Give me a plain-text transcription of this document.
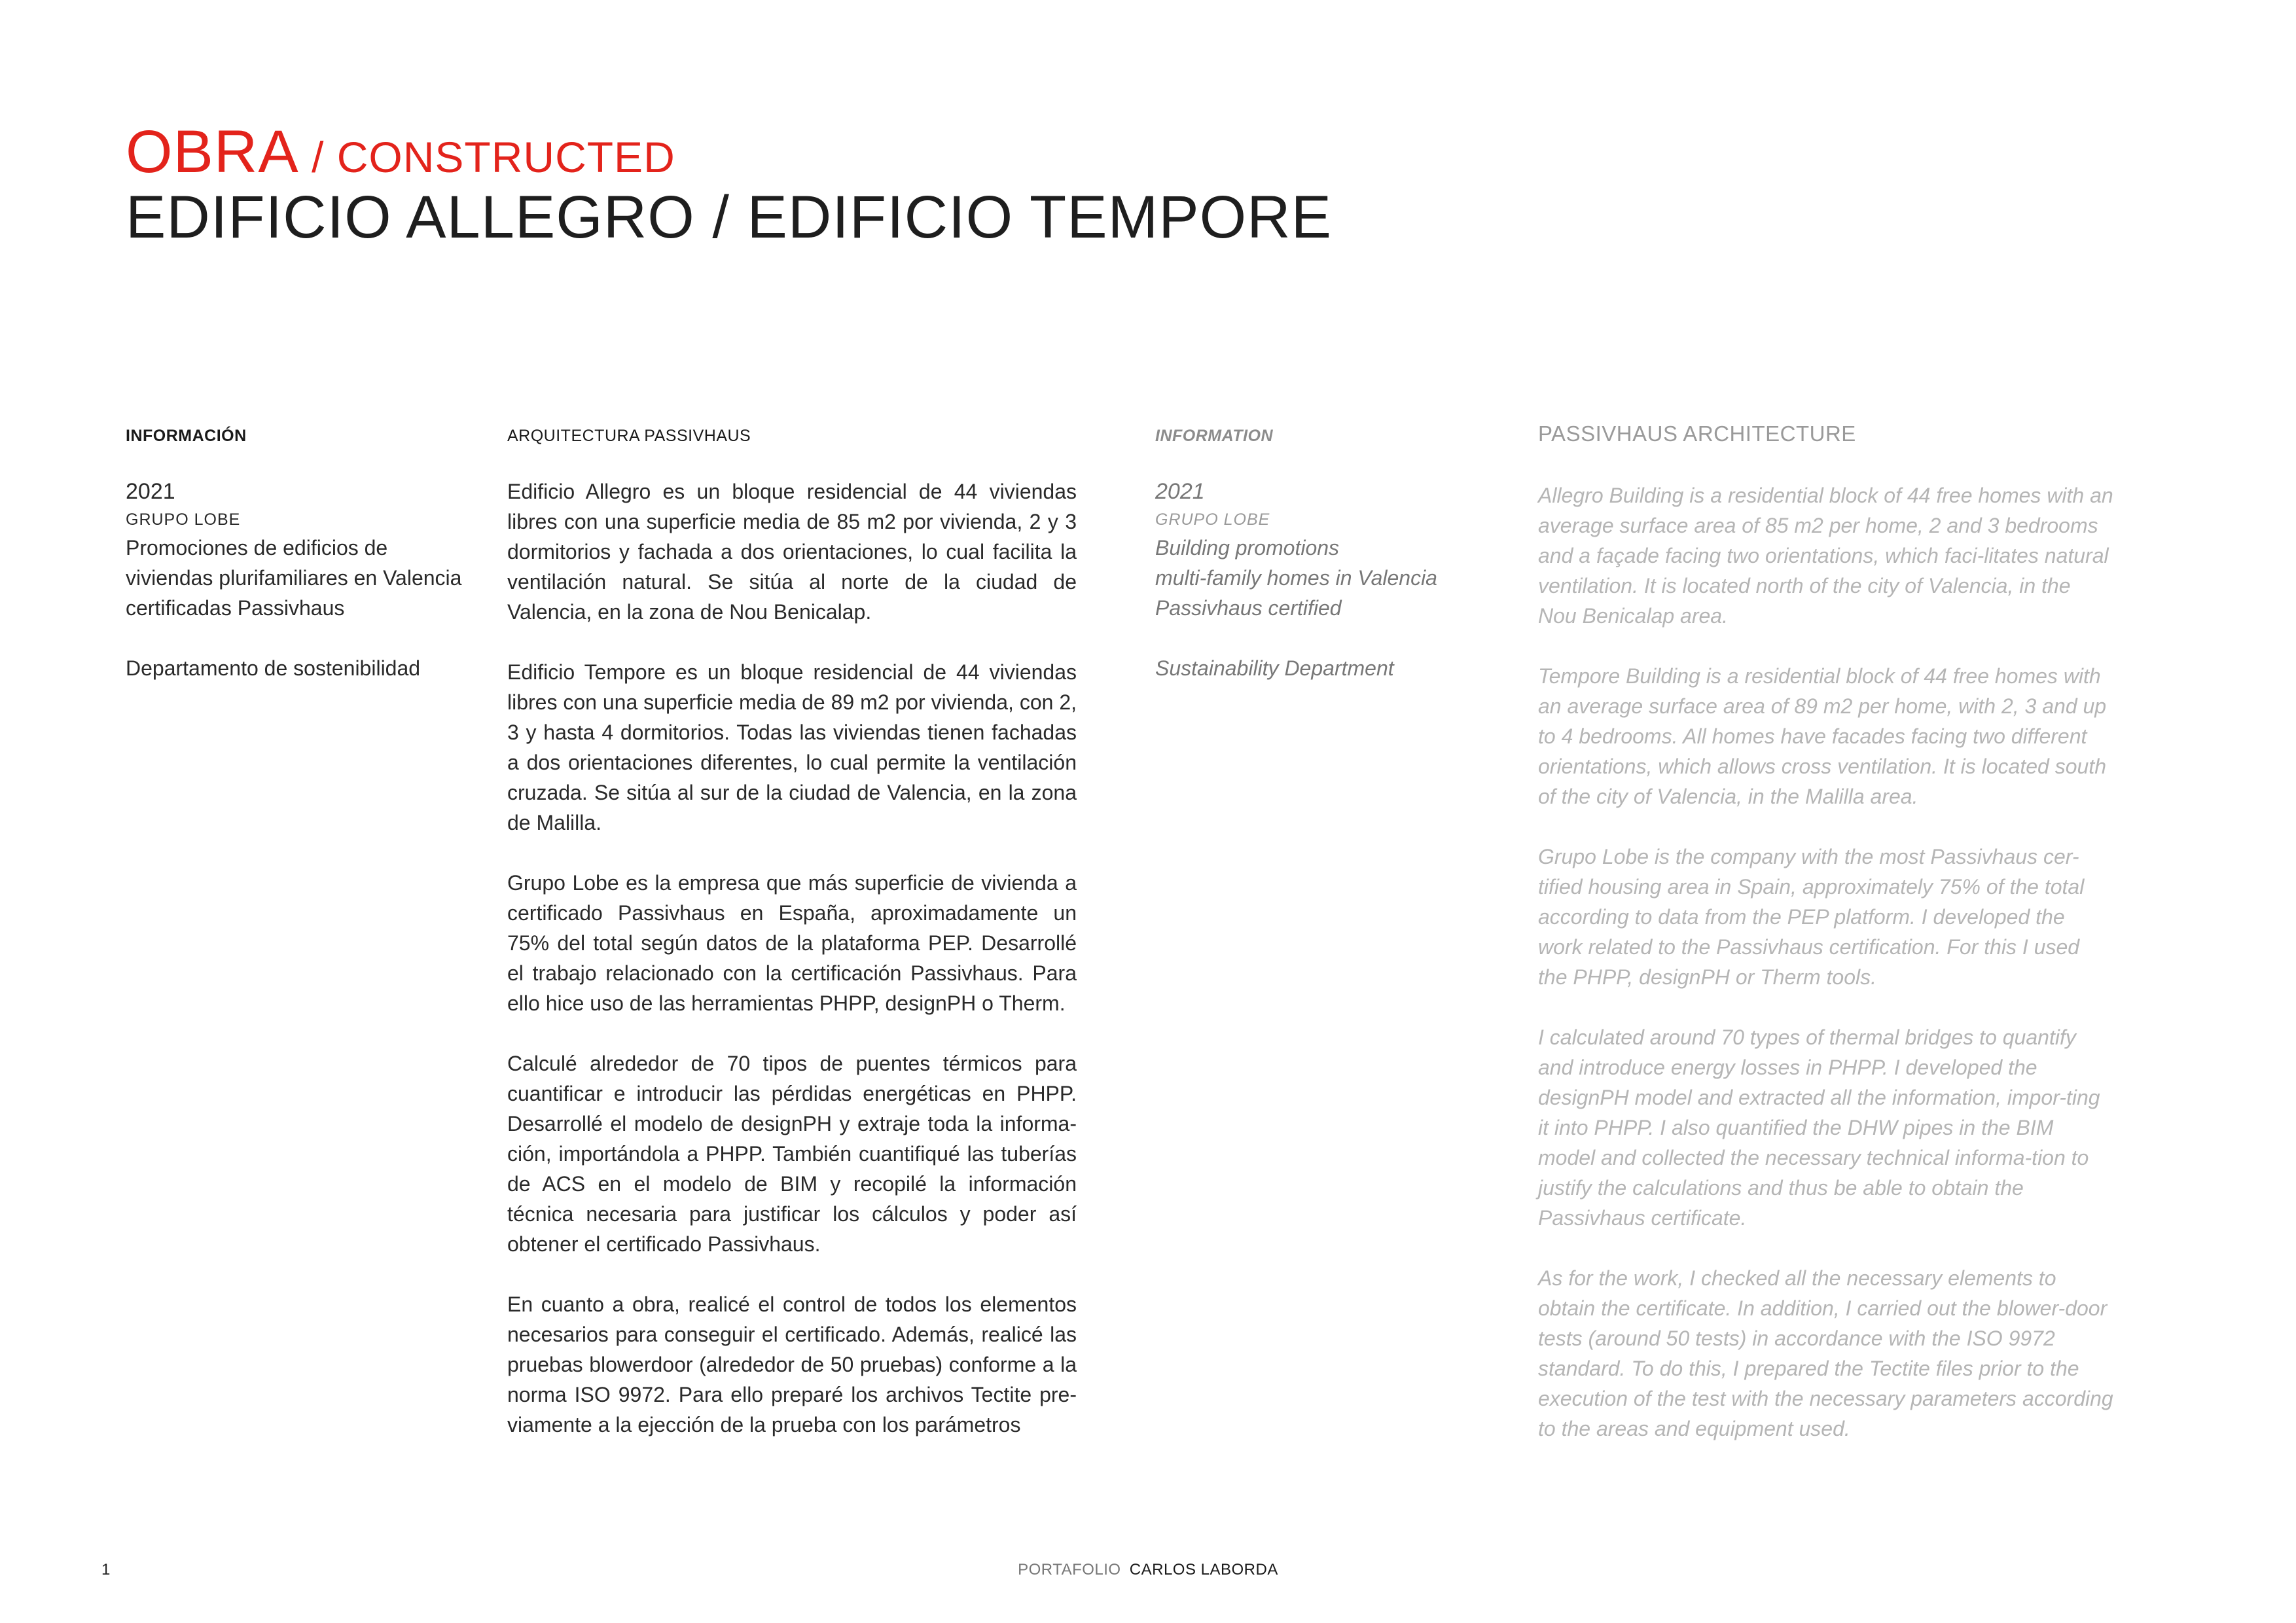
OBRA / CONSTRUCTED
EDIFICIO ALLEGRO / EDIFICIO TEMPORE
INFORMACIÓN	ARQUITECTURA PASSIVHAUS	INFORMATION	PASSIVHAUS ARCHITECTURE
2021
GRUPO LOBE
Promociones de edificios de viviendas plurifamiliares en Valencia certificadas Passivhaus
Departamento de sostenibilidad

Edificio Allegro es un bloque residencial de 44 viviendas libres con una superficie media de 85 m2 por vivienda, 2 y 3 dormitorios y fachada a dos orientaciones, lo cual facilita la ventilación natural. Se sitúa al norte de la ciudad de Valencia, en la zona de Nou Benicalap.

Edificio Tempore es un bloque residencial de 44 viviendas libres con una superficie media de 89 m2 por vivienda, con 2, 3 y hasta 4 dormitorios. Todas las viviendas tienen fachadas a dos orientaciones diferentes, lo cual permite la ventilación cruzada. Se sitúa al sur de la ciudad de Valencia, en la zona de Malilla.

Grupo Lobe es la empresa que más superficie de vivienda a certificado Passivhaus en España, aproximadamente un 75% del total según datos de la plataforma PEP. Desarrollé el trabajo relacionado con la certificación Passivhaus. Para ello hice uso de las herramientas PHPP, designPH o Therm.

Calculé alrededor de 70 tipos de puentes térmicos para cuantificar e introducir las pérdidas energéticas en PHPP. Desarrollé el modelo de designPH y extraje toda la informa-ción, importándola a PHPP. También cuantifiqué las tuberías de ACS en el modelo de BIM y recopilé la información técnica necesaria para justificar los cálculos y poder así obtener el certificado Passivhaus.

En cuanto a obra, realicé el control de todos los elementos necesarios para conseguir el certificado. Además, realicé las pruebas blowerdoor (alrededor de 50 pruebas) conforme a la norma ISO 9972. Para ello preparé los archivos Tectite pre-viamente a la ejección de la prueba con los parámetros

2021
GRUPO LOBE
Building promotions
multi-family homes in Valencia
Passivhaus certified
Sustainability Department

Allegro Building is a residential block of 44 free homes with an average surface area of 85 m2 per home, 2 and 3 bedrooms and a façade facing two orientations, which faci-litates natural ventilation. It is located north of the city of Valencia, in the Nou Benicalap area.

Tempore Building is a residential block of 44 free homes with an average surface area of 89 m2 per home, with 2, 3 and up to 4 bedrooms. All homes have facades facing two different orientations, which allows cross ventilation. It is located south of the city of Valencia, in the Malilla area.

Grupo Lobe is the company with the most Passivhaus cer-tified housing area in Spain, approximately 75% of the total according to data from the PEP platform. I developed the work related to the Passivhaus certification. For this I used the PHPP, designPH or Therm tools.

I calculated around 70 types of thermal bridges to quantify and introduce energy losses in PHPP. I developed the designPH model and extracted all the information, impor-ting it into PHPP. I also quantified the DHW pipes in the BIM model and collected the necessary technical informa-tion to justify the calculations and thus be able to obtain the Passivhaus certificate.

As for the work, I checked all the necessary elements to obtain the certificate. In addition, I carried out the blower-door tests (around 50 tests) in accordance with the ISO 9972 standard. To do this, I prepared the Tectite files prior to the execution of the test with the necessary parameters according to the areas and equipment used.

1	PORTAFOLIO CARLOS LABORDA
